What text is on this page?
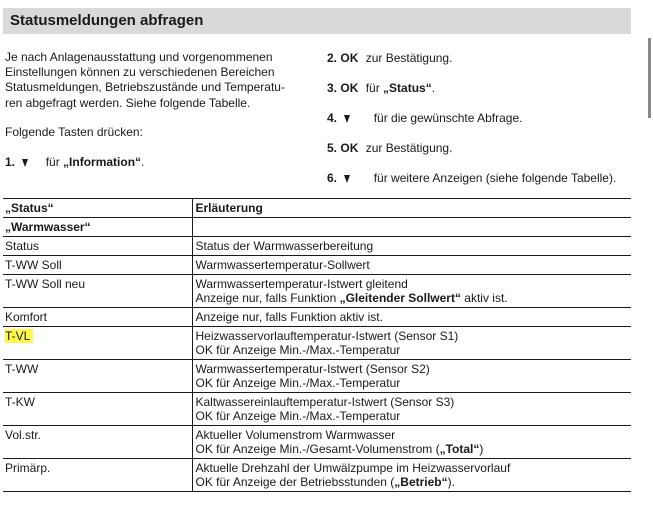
Statusmeldungen abfragen

Je nach Anlagenausstattung und vorgenommenen

Einstellungen können zu verschiedenen Bereichen

Statusmeldungen, Betriebszustände und Temperatu-

ren abgefragt werden. Siehe folgende Tabelle.

Folgende Tasten drücken:
1.	für „Information“.
2. OK zur Bestätigung.
3. OK für „Status“.
4.	für die gewünschte Abfrage.
5. OK zur Bestätigung.
6.	für weitere Anzeigen (siehe folgende Tabelle).
„Status“	Erläuterung
„Warmwasser“	
Status	Status der Warmwasserbereitung

T-WW Soll	Warmwassertemperatur-Sollwert

T-WW Soll neu	Warmwassertemperatur-Istwert gleitend
Anzeige nur, falls Funktion „Gleitender Sollwert“ aktiv ist.

Komfort	Anzeige nur, falls Funktion aktiv ist.

T-VL	Heizwasservorlauftemperatur-Istwert (Sensor S1)
OK für Anzeige Min.-/Max.-Temperatur

T-WW	Warmwassertemperatur-Istwert (Sensor S2)
OK für Anzeige Min.-/Max.-Temperatur

T-KW	Kaltwassereinlauftemperatur-Istwert (Sensor S3)
OK für Anzeige Min.-/Max.-Temperatur

Vol.str.	Aktueller Volumenstrom Warmwasser
OK für Anzeige Min.-/Gesamt-Volumenstrom („Total“)

Primärp.	Aktuelle Drehzahl der Umwälzpumpe im Heizwasservorlauf
OK für Anzeige der Betriebsstunden („Betrieb“).
